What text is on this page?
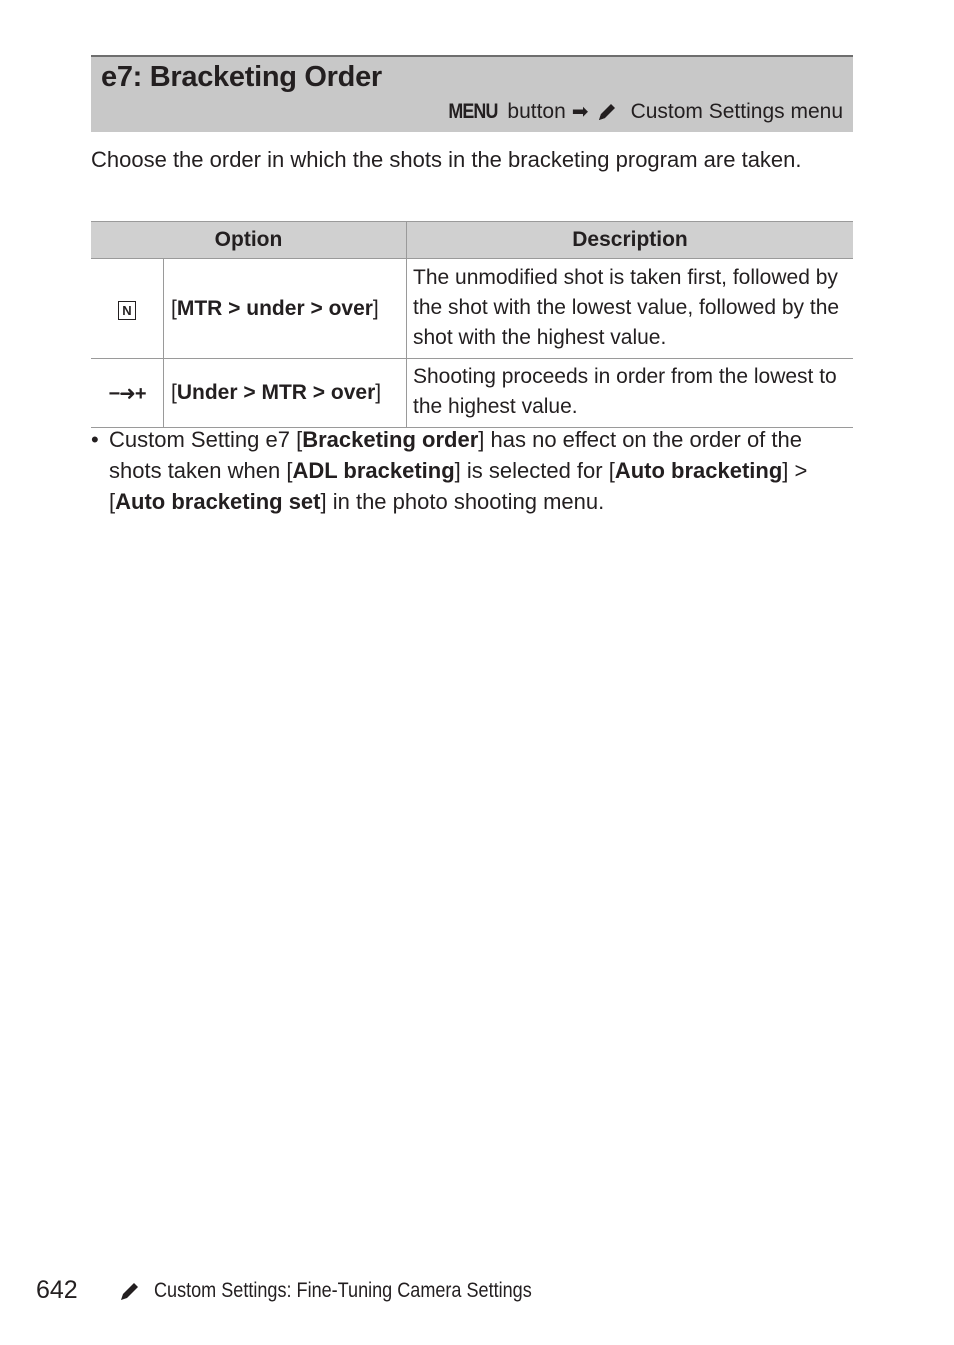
e7: Bracketing Order
MENU button ➡ Custom Settings menu
Choose the order in which the shots in the bracketing program are taken.
Option		Description
N	[MTR > under > over]	The unmodified shot is taken first, followed by the shot with the lowest value, followed by the shot with the highest value.
−➜+	[Under > MTR > over]	Shooting proceeds in order from the lowest to the highest value.
• Custom Setting e7 [Bracketing order] has no effect on the order of the shots taken when [ADL bracketing] is selected for [Auto bracketing] > [Auto bracketing set] in the photo shooting menu.
642	Custom Settings: Fine-Tuning Camera Settings
